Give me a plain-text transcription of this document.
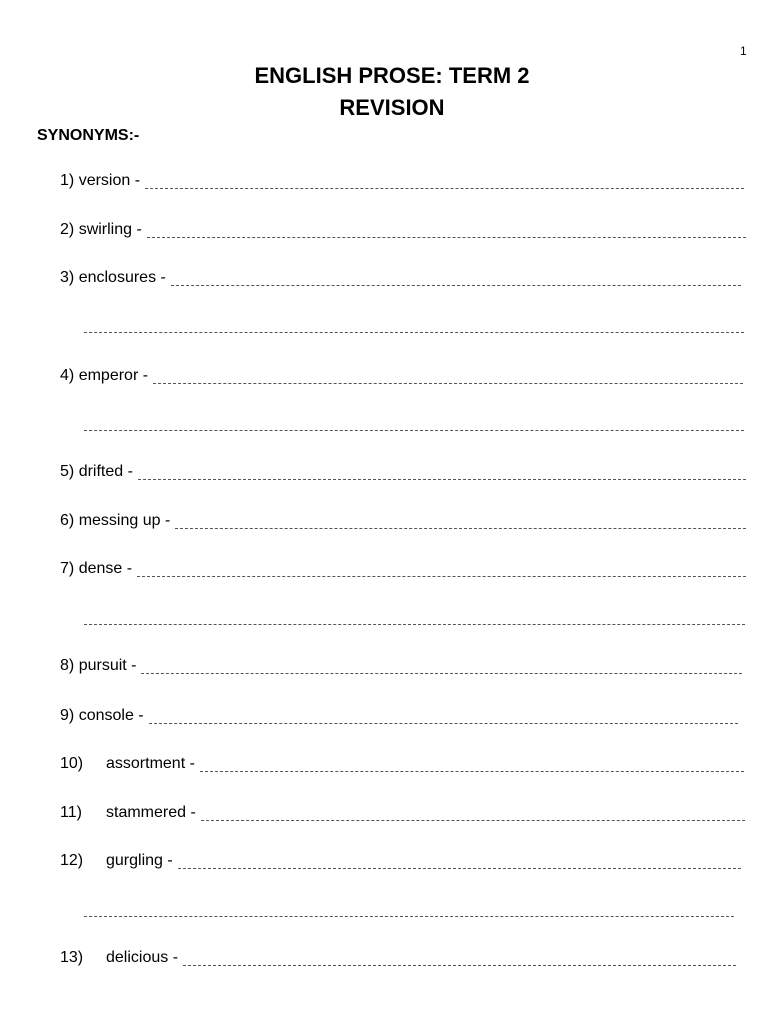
1
ENGLISH PROSE: TERM 2
REVISION
SYNONYMS:-
1)
version -
2)
swirling -
3)
enclosures -
4)
emperor -
5)
drifted -
6)
messing up -
7)
dense -
8)
pursuit -
9)
console -
10)	assortment -
11)	stammered -
12)	gurgling -
13)	delicious -
